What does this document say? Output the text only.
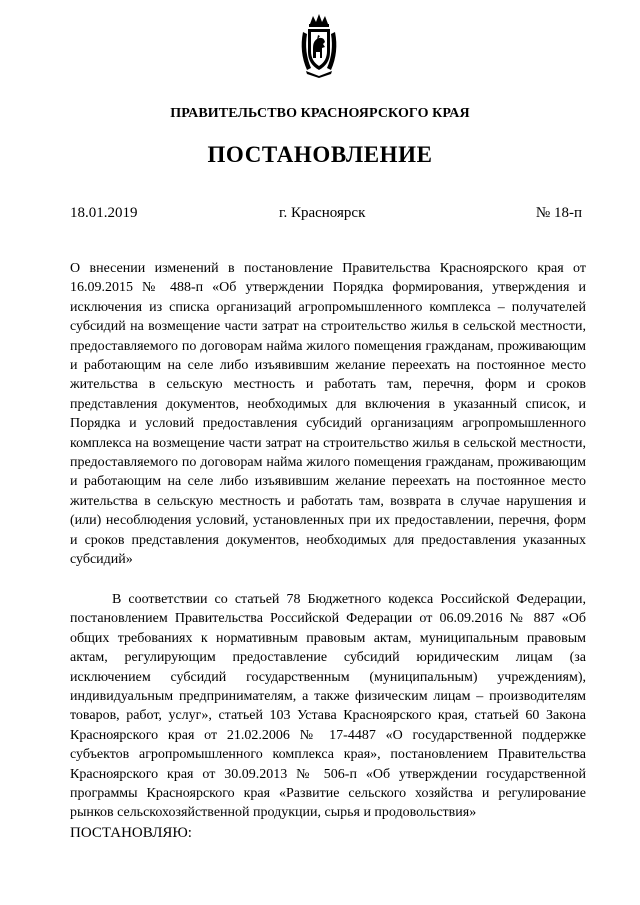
ПРАВИТЕЛЬСТВО КРАСНОЯРСКОГО КРАЯ
ПОСТАНОВЛЕНИЕ
18.01.2019	г. Красноярск	№ 18-п
О внесении изменений в постановление Правительства Красноярского края от 16.09.2015 № 488-п «Об утверждении Порядка формирования, утверждения и исключения из списка организаций агропромышленного комплекса – получателей субсидий на возмещение части затрат на строительство жилья в сельской местности, предоставляемого по договорам найма жилого помещения гражданам, проживающим и работающим на селе либо изъявившим желание переехать на постоянное место жительства в сельскую местность и работать там, перечня, форм и сроков представления документов, необходимых для включения в указанный список, и Порядка и условий предоставления субсидий организациям агропромышленного комплекса на возмещение части затрат на строительство жилья в сельской местности, предоставляемого по договорам найма жилого помещения гражданам, проживающим и работающим на селе либо изъявившим желание переехать на постоянное место жительства в сельскую местность и работать там, возврата в случае нарушения и (или) несоблюдения условий, установленных при их предоставлении, перечня, форм и сроков представления документов, необходимых для предоставления указанных субсидий»

В соответствии со статьей 78 Бюджетного кодекса Российской Федерации, постановлением Правительства Российской Федерации от 06.09.2016 № 887 «Об общих требованиях к нормативным правовым актам, муниципальным правовым актам, регулирующим предоставление субсидий юридическим лицам (за исключением субсидий государственным (муниципальным) учреждениям), индивидуальным предпринимателям, а также физическим лицам – производителям товаров, работ, услуг», статьей 103 Устава Красноярского края, статьей 60 Закона Красноярского края от 21.02.2006 № 17-4487 «О государственной поддержке субъектов агропромышленного комплекса края», постановлением Правительства Красноярского края от 30.09.2013 № 506-п «Об утверждении государственной программы Красноярского края «Развитие сельского хозяйства и регулирование рынков сельскохозяйственной продукции, сырья и продовольствия»

ПОСТАНОВЛЯЮ:
